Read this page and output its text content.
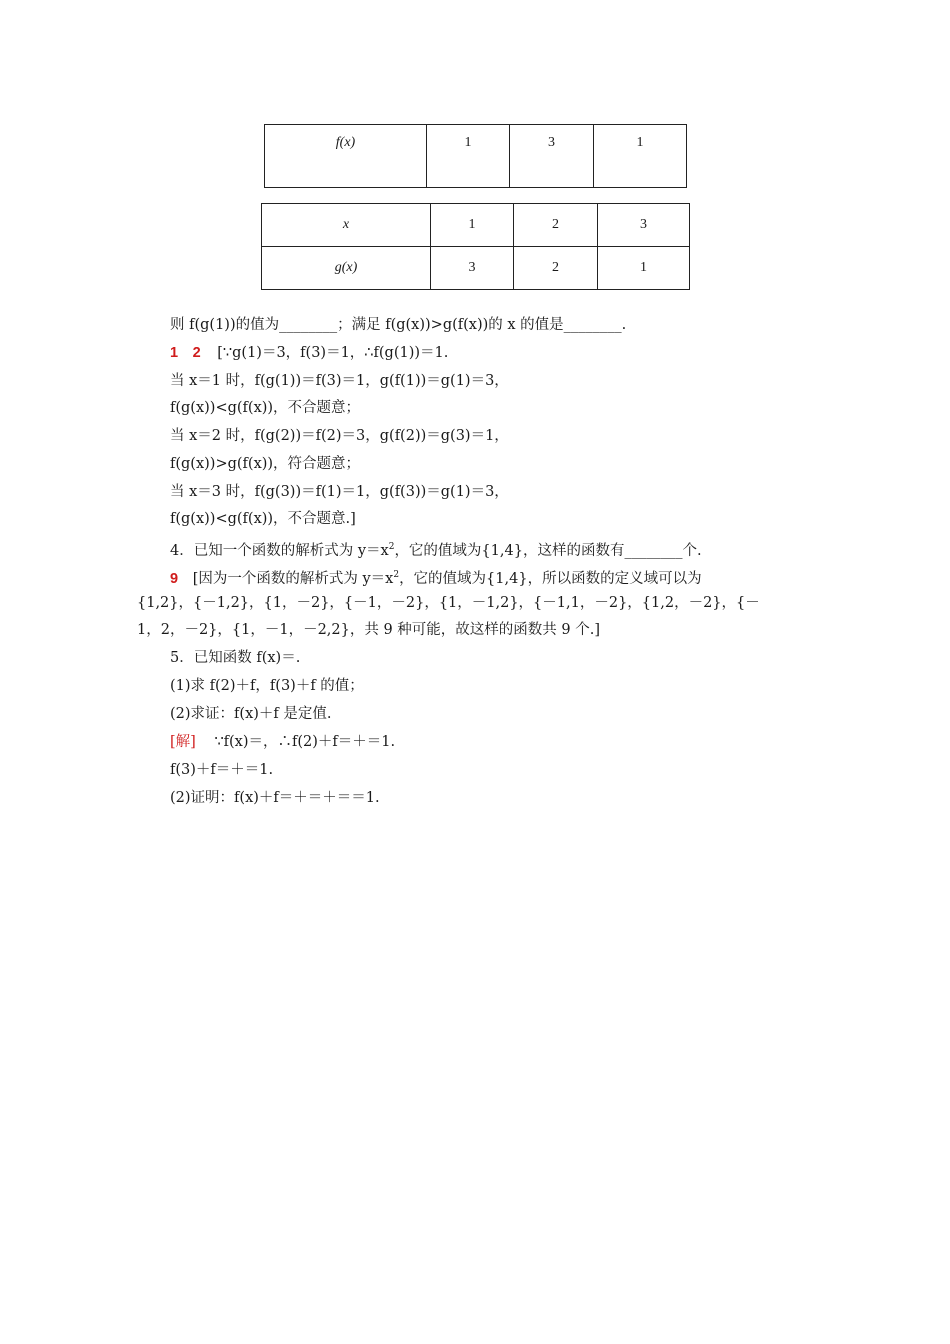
f(x)	1	3	1
x	1	2	3
g(x)	3	2	1
则 f(g(1))的值为________；满足 f(g(x))>g(f(x))的 x 的值是________.
1　2 [∵g(1)＝3，f(3)＝1，∴f(g(1))＝1.
当 x＝1 时，f(g(1))＝f(3)＝1，g(f(1))＝g(1)＝3，
f(g(x))<g(f(x))，不合题意；
当 x＝2 时，f(g(2))＝f(2)＝3，g(f(2))＝g(3)＝1，
f(g(x))>g(f(x))，符合题意；
当 x＝3 时，f(g(3))＝f(1)＝1，g(f(3))＝g(1)＝3，
f(g(x))<g(f(x))，不合题意.]
4．已知一个函数的解析式为 $y=x^2$，它的值域为{1,4}，这样的函数有________个.
9 [因为一个函数的解析式为 $y=x^2$，它的值域为{1,4}，所以函数的定义域可以为
{1,2}，{－1,2}，{1，－2}，{－1，－2}，{1，－1,2}，{－1,1，－2}，{1,2，－2}，{－
1，2，－2}，{1，－1，－2,2}，共 9 种可能，故这样的函数共 9 个.]
5．已知函数 f(x)＝.
(1)求 f(2)＋f，f(3)＋f 的值；
(2)求证：f(x)＋f 是定值.
[解] ∵f(x)＝，∴f(2)＋f＝＋＝1.
f(3)＋f＝＋＝1.
(2)证明：f(x)＋f＝＋＝＋＝＝1.
